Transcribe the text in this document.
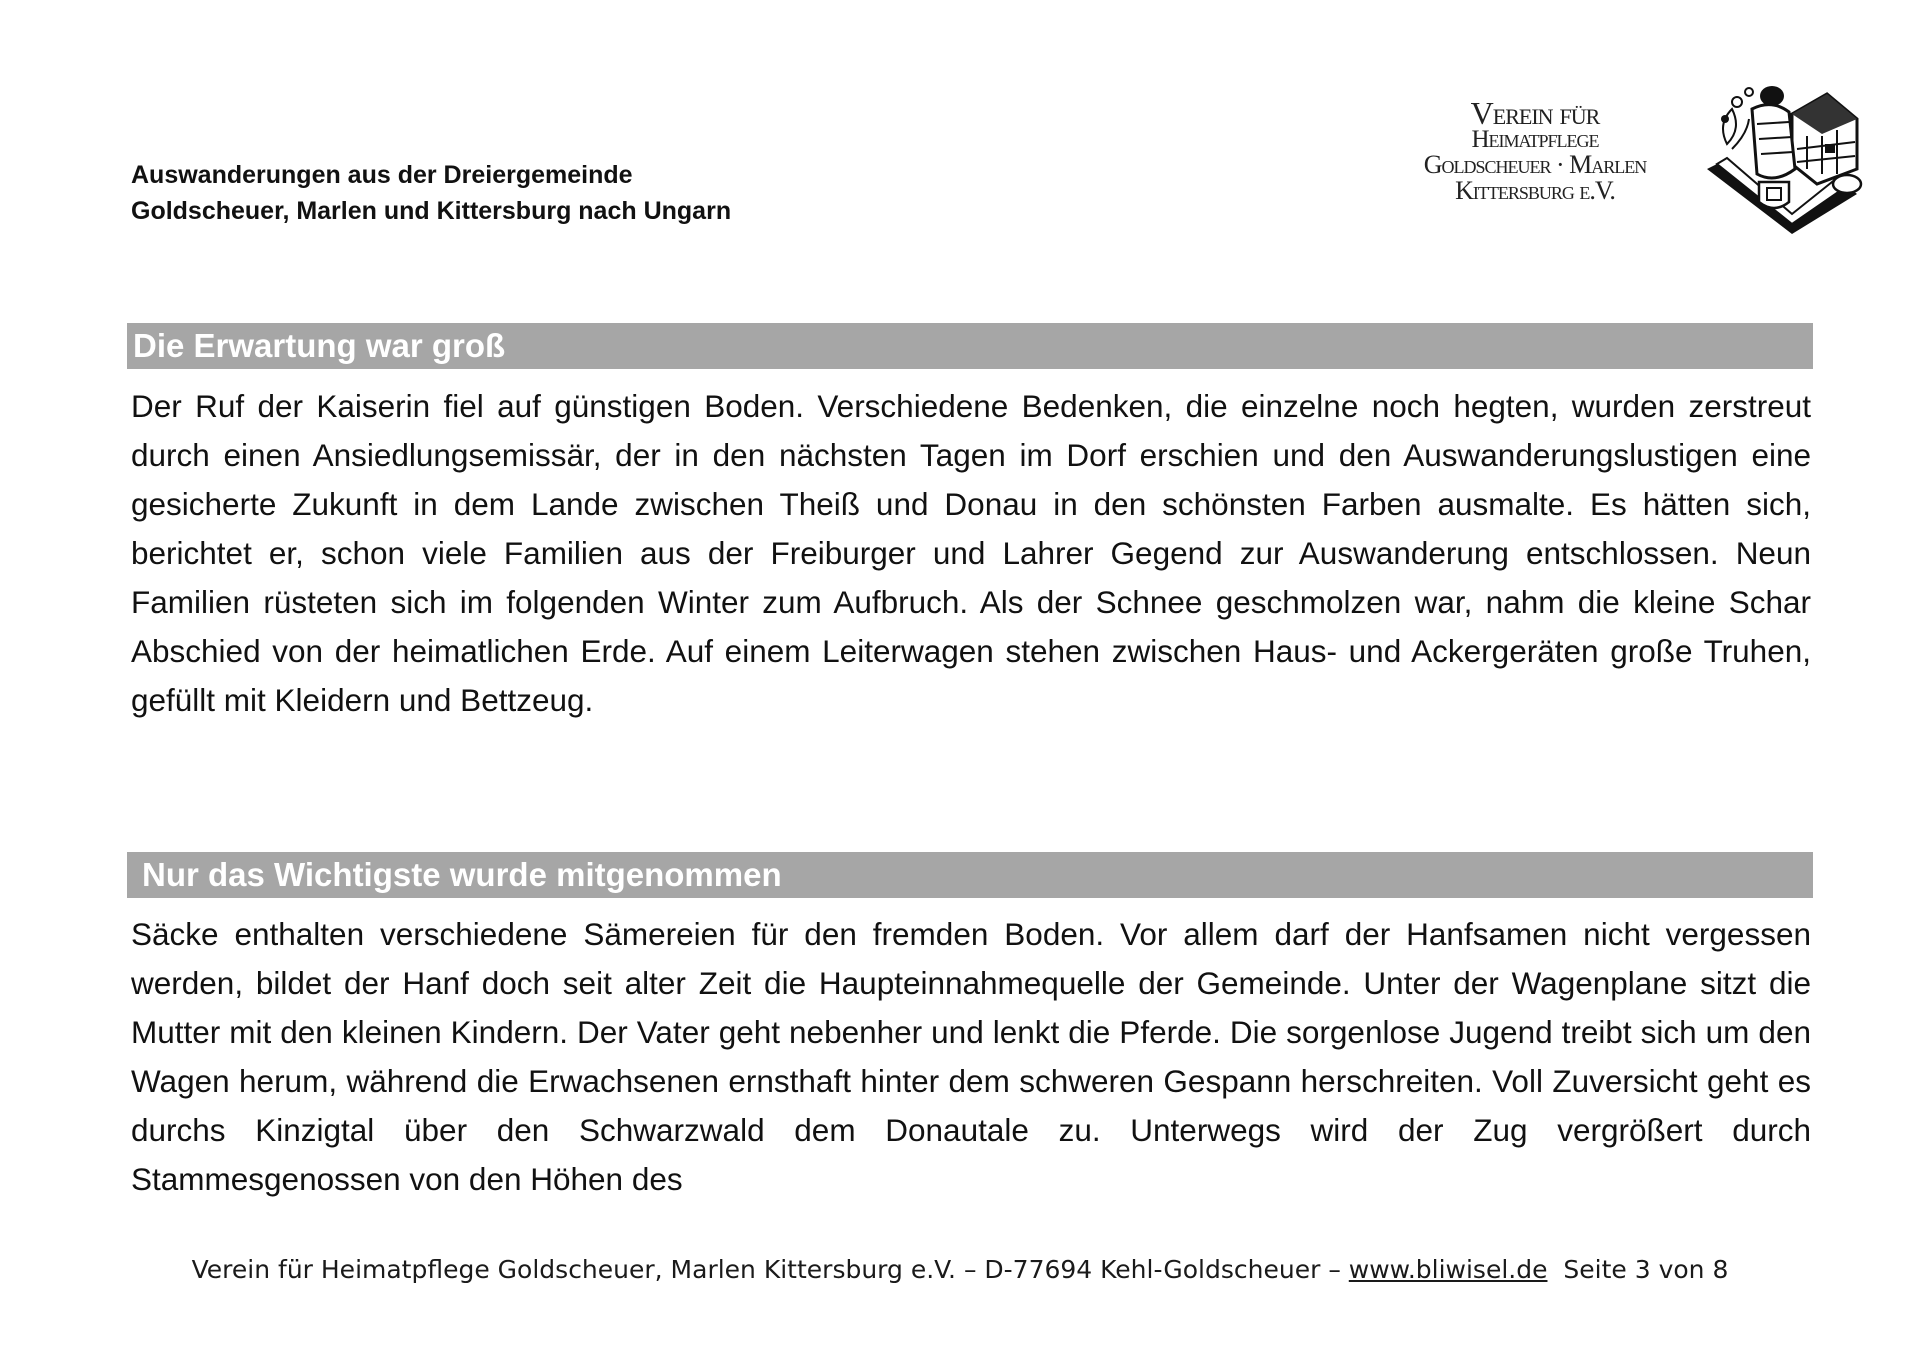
Auswanderungen aus der Dreiergemeinde
Goldscheuer, Marlen und Kittersburg nach Ungarn
Verein für
Heimatpflege
Goldscheuer · Marlen
Kittersburg e.V.
Die Erwartung war groß

Der Ruf der Kaiserin fiel auf günstigen Boden. Verschiedene Bedenken, die einzelne noch hegten, wurden zerstreut durch einen Ansiedlungsemissär, der in den nächsten Tagen im Dorf erschien und den Auswanderungslustigen eine gesicherte Zukunft in dem Lande zwischen Theiß und Donau in den schönsten Farben ausmalte. Es hätten sich, berichtet er, schon viele Familien aus der Freiburger und Lahrer Gegend zur Auswanderung entschlossen. Neun Familien rüsteten sich im folgenden Winter zum Aufbruch. Als der Schnee geschmolzen war, nahm die kleine Schar Abschied von der heimatlichen Erde. Auf einem Leiterwagen stehen zwischen Haus- und Ackergeräten große Truhen, gefüllt mit Kleidern und Bettzeug.

Nur das Wichtigste wurde mitgenommen

Säcke enthalten verschiedene Sämereien für den fremden Boden. Vor allem darf der Hanfsamen nicht vergessen werden, bildet der Hanf doch seit alter Zeit die Haupteinnahmequelle der Gemeinde. Unter der Wagenplane sitzt die Mutter mit den kleinen Kindern. Der Vater geht nebenher und lenkt die Pferde. Die sorgenlose Jugend treibt sich um den Wagen herum, während die Erwachsenen ernsthaft hinter dem schweren Gespann herschreiten. Voll Zuversicht geht es durchs Kinzigtal über den Schwarzwald dem Donautale zu. Unterwegs wird der Zug vergrößert durch Stammesgenossen von den Höhen des

Verein für Heimatpflege Goldscheuer, Marlen Kittersburg e.V. – D-77694 Kehl-Goldscheuer – www.bliwisel.de Seite 3 von 8
